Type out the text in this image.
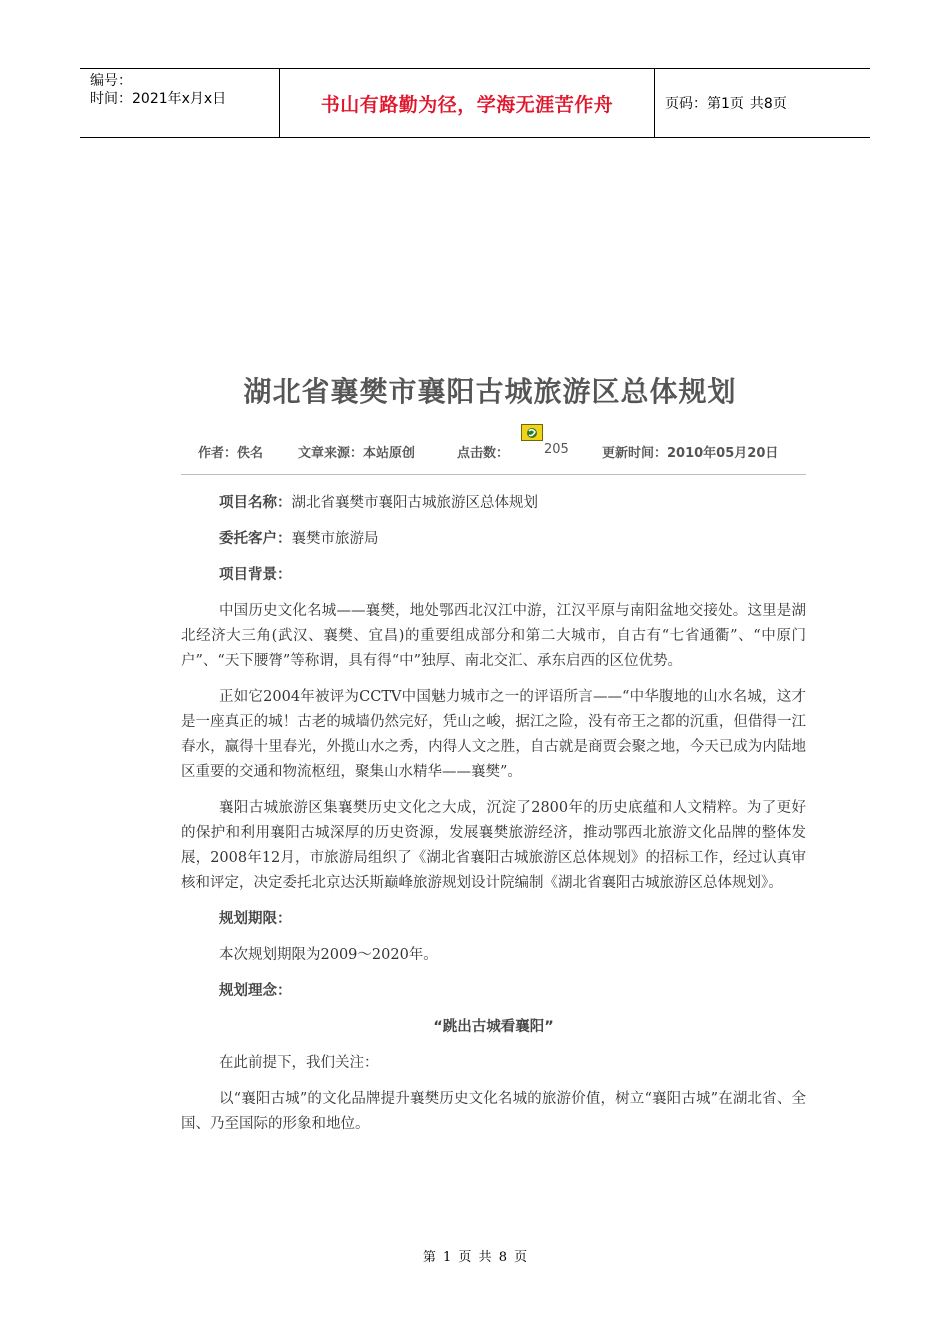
编号：
时间：2021年x月x日	书山有路勤为径，学海无涯苦作舟	页码：第1页 共8页
湖北省襄樊市襄阳古城旅游区总体规划
作者：佚名	文章来源：本站原创	点击数：	205	更新时间：2010年05月20日

项目名称：湖北省襄樊市襄阳古城旅游区总体规划

委托客户：襄樊市旅游局

项目背景：

中国历史文化名城——襄樊，地处鄂西北汉江中游，江汉平原与南阳盆地交接处。这里是湖北经济大三角(武汉、襄樊、宜昌)的重要组成部分和第二大城市，自古有“七省通衢”、“中原门户”、“天下腰膂”等称谓，具有得“中”独厚、南北交汇、承东启西的区位优势。

正如它2004年被评为CCTV中国魅力城市之一的评语所言——“中华腹地的山水名城，这才是一座真正的城！古老的城墙仍然完好，凭山之峻，据江之险，没有帝王之都的沉重，但借得一江春水，赢得十里春光，外揽山水之秀，内得人文之胜，自古就是商贾会聚之地，今天已成为内陆地区重要的交通和物流枢纽，聚集山水精华——襄樊”。

襄阳古城旅游区集襄樊历史文化之大成，沉淀了2800年的历史底蕴和人文精粹。为了更好的保护和利用襄阳古城深厚的历史资源，发展襄樊旅游经济，推动鄂西北旅游文化品牌的整体发展，2008年12月，市旅游局组织了《湖北省襄阳古城旅游区总体规划》的招标工作，经过认真审核和评定，决定委托北京达沃斯巅峰旅游规划设计院编制《湖北省襄阳古城旅游区总体规划》。

规划期限：

本次规划期限为2009～2020年。

规划理念：

“跳出古城看襄阳”

在此前提下，我们关注：

以“襄阳古城”的文化品牌提升襄樊历史文化名城的旅游价值，树立“襄阳古城”在湖北省、全国、乃至国际的形象和地位。

第 1 页 共 8 页
